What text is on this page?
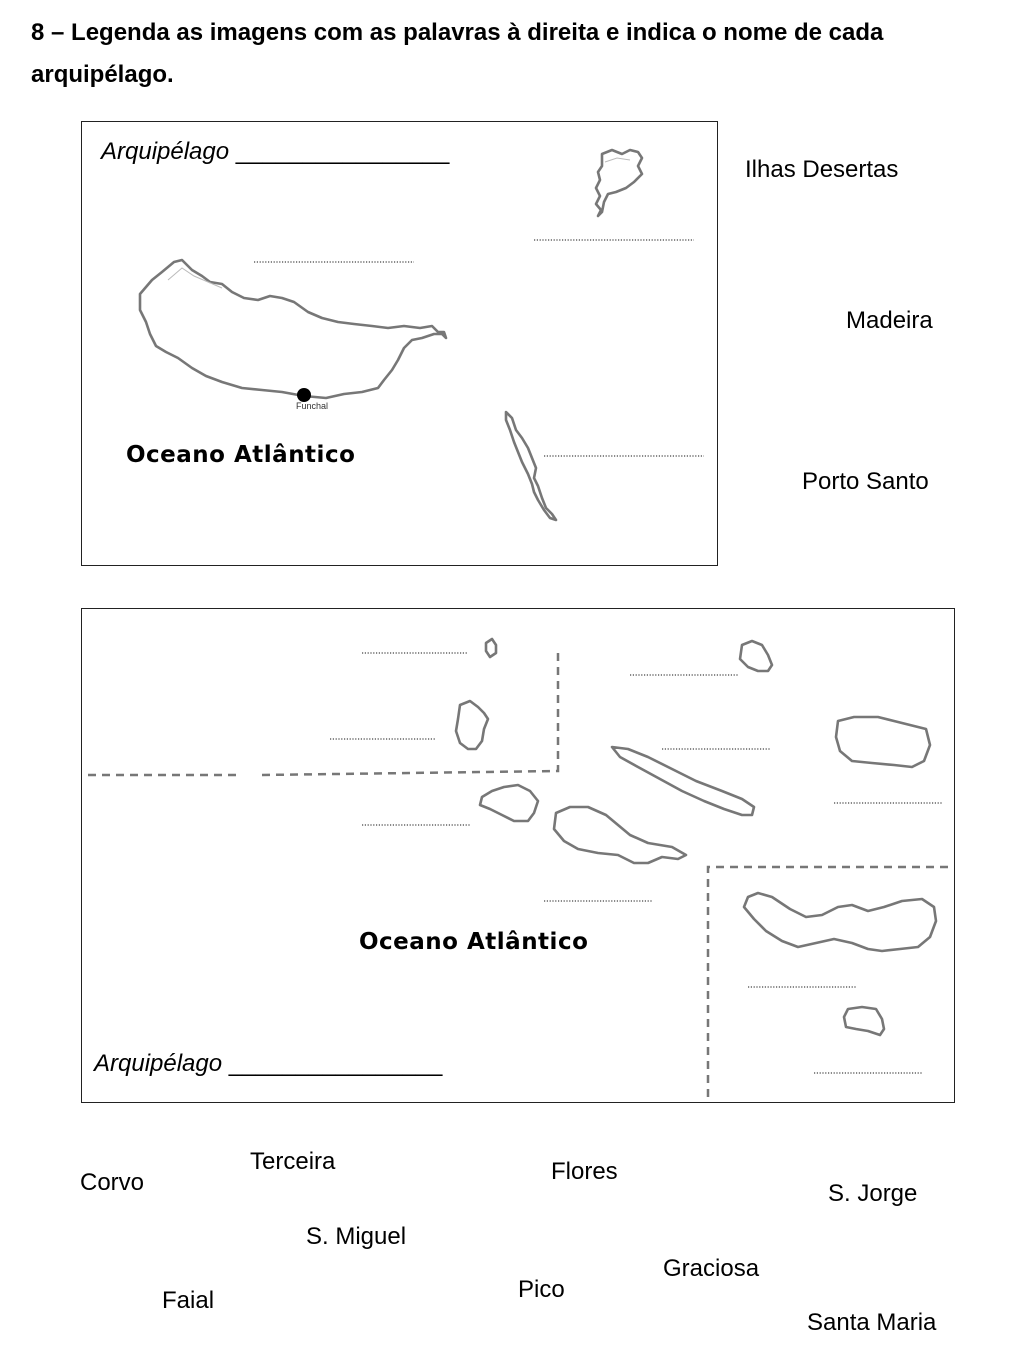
8 – Legenda as imagens com as palavras à direita e indica o nome de cada arquipélago.

Arquipélago ________________
Funchal
Oceano Atlântico
Ilhas Desertas
Madeira
Porto Santo
Oceano Atlântico
Arquipélago ________________
Terceira	Flores
Corvo	S. Jorge
S. Miguel
Graciosa
Pico
Faial
Santa Maria
